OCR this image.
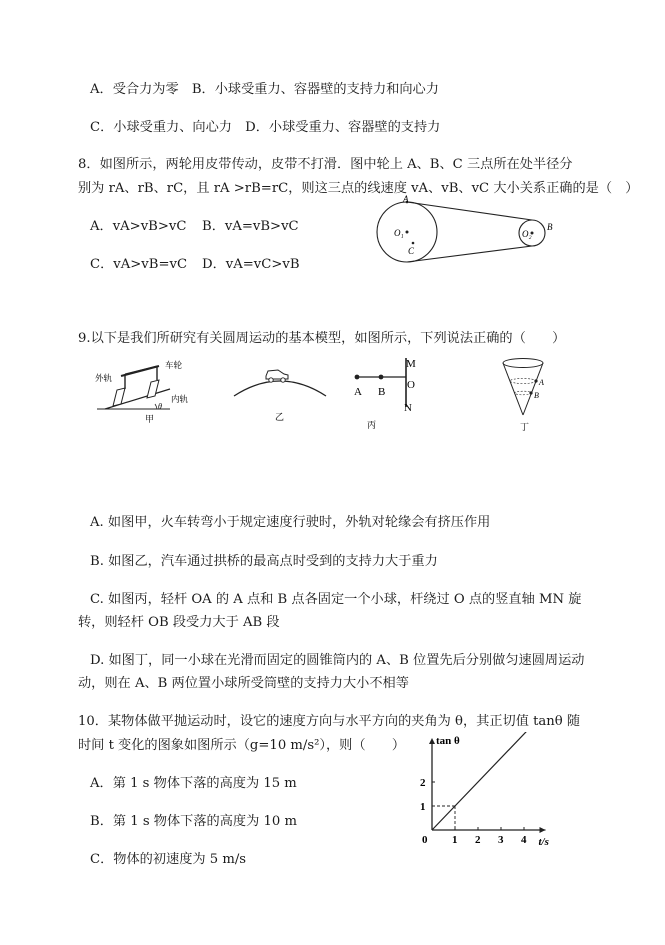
A．受合力为零　B．小球受重力、容器壁的支持力和向心力
C．小球受重力、向心力　D．小球受重力、容器壁的支持力
8．如图所示，两轮用皮带传动，皮带不打滑．图中轮上 A、B、C 三点所在处半径分
别为 rA、rB、rC，且 rA >rB=rC，则这三点的线速度 vA、vB、vC 大小关系正确的是（　）
A．vA>vB>vC B．vA=vB>vC
C．vA>vB=vC D．vA=vC>vB
A
O₁
C
O₂
B
9.以下是我们所研究有关圆周运动的基本模型，如图所示，下列说法正确的（　　）
外轨
车轮
内轨
θ
甲	乙
A B
M
O
N
丙
A
B
丁
A. 如图甲，火车转弯小于规定速度行驶时，外轨对轮缘会有挤压作用
B. 如图乙，汽车通过拱桥的最高点时受到的支持力大于重力
C. 如图丙，轻杆 OA 的 A 点和 B 点各固定一个小球，杆绕过 O 点的竖直轴 MN 旋
转，则轻杆 OB 段受力大于 AB 段
D. 如图丁，同一小球在光滑而固定的圆锥筒内的 A、B 位置先后分别做匀速圆周运动
动，则在 A、B 两位置小球所受筒壁的支持力大小不相等
10．某物体做平抛运动时，设它的速度方向与水平方向的夹角为 θ，其正切值 tanθ 随
时间 t 变化的图象如图所示（g=10 m/s²），则（　　）
A．第 1 s 物体下落的高度为 15 m
B．第 1 s 物体下落的高度为 10 m
C．物体的初速度为 5 m/s
0 1 2 3 4
1
2
tan θ
t/s
